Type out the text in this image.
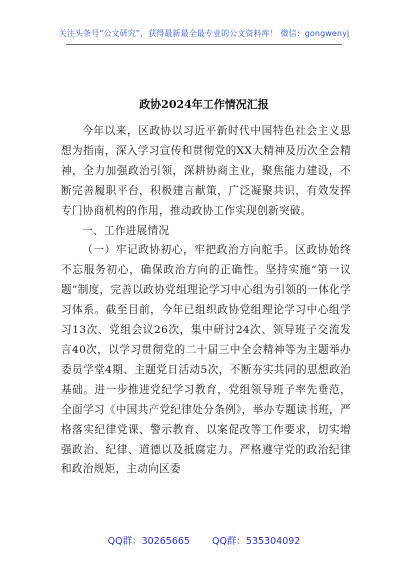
关注头条号“公文研究”，获得最新最全最专业的公文资料库！ 微信：gongwenyj
政协2024年工作情况汇报

今年以来，区政协以习近平新时代中国特色社会主义思想为指南，深入学习宣传和贯彻党的XX大精神及历次全会精神，全力加强政治引领，深耕协商主业，聚焦能力建设，不断完善履职平台，积极建言献策，广泛凝聚共识，有效发挥专门协商机构的作用，推动政协工作实现创新突破。

一、工作进展情况

（一）牢记政协初心，牢把政治方向舵手。区政协始终不忘服务初心，确保政治方向的正确性。坚持实施“第一议题”制度，完善以政协党组理论学习中心组为引领的一体化学习体系。截至目前，今年已组织政协党组理论学习中心组学习13次、党组会议26次，集中研讨24次、领导班子交流发言40次，以学习贯彻党的二十届三中全会精神等为主题举办委员学堂4期、主题党日活动5次，不断夯实共同的思想政治基础。进一步推进党纪学习教育，党组领导班子率先垂范，全面学习《中国共产党纪律处分条例》，举办专题读书班，严格落实纪律党课、警示教育、以案促改等工作要求，切实增强政治、纪律、道德以及抵腐定力。严格遵守党的政治纪律和政治规矩，主动向区委

QQ群：30265665 QQ群：535304092
